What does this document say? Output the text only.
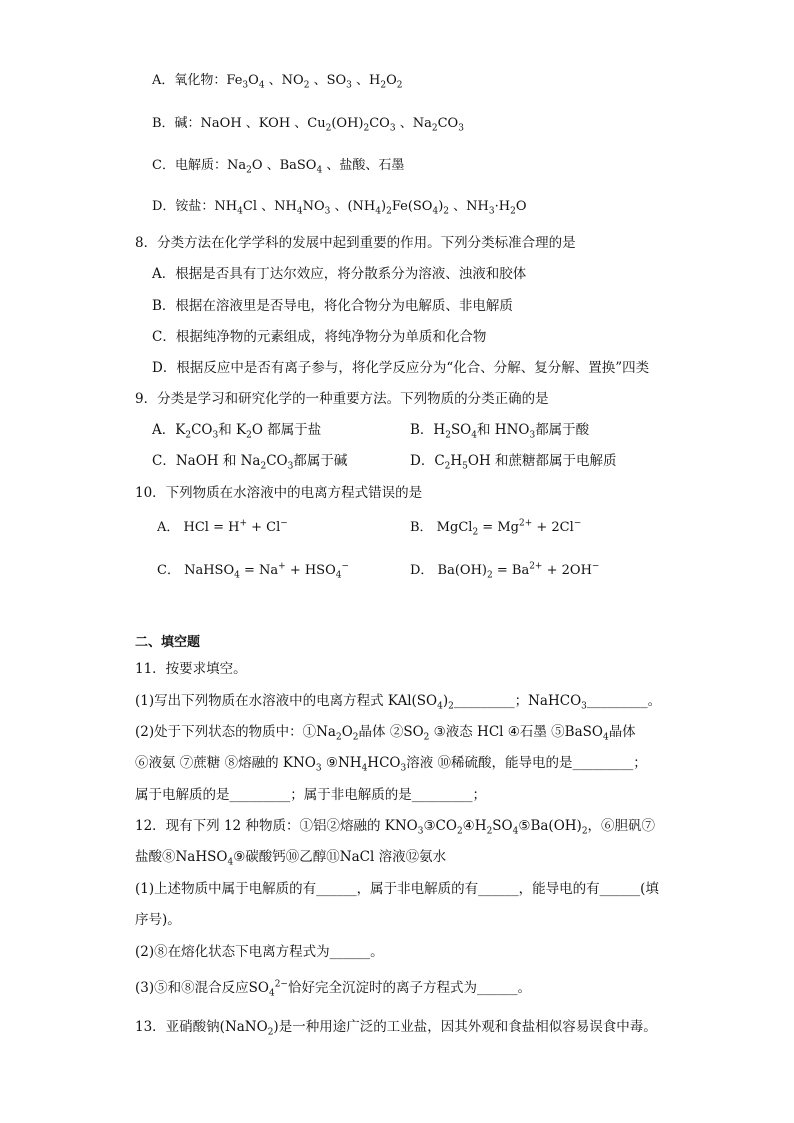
A．氧化物：$Fe_3O_4$ 、$NO_2$ 、$SO_3$ 、$H_2O_2$
B．碱：NaOH 、KOH 、$Cu_2(OH)_2CO_3$ 、$Na_2CO_3$
C．电解质：$Na_2O$ 、BaSO$_4$ 、盐酸、石墨
D．铵盐：$NH_4Cl$ 、$NH_4NO_3$ 、$(NH_4)_2Fe(SO_4)_2$ 、$NH_3\cdot H_2O$
8．分类方法在化学学科的发展中起到重要的作用。下列分类标准合理的是
A．根据是否具有丁达尔效应，将分散系分为溶液、浊液和胶体
B．根据在溶液里是否导电，将化合物分为电解质、非电解质
C．根据纯净物的元素组成，将纯净物分为单质和化合物
D．根据反应中是否有离子参与，将化学反应分为“化合、分解、复分解、置换”四类
9．分类是学习和研究化学的一种重要方法。下列物质的分类正确的是
A．$K_2CO_3$和 $K_2O$ 都属于盐	B．$H_2SO_4$和 $HNO_3$都属于酸
C．NaOH 和 $Na_2CO_3$都属于碱	D．$C_2H_5OH$ 和蔗糖都属于电解质
10．下列物质在水溶液中的电离方程式错误的是
A． HCl = H+ + Cl−	B． MgCl$_2$ = $Mg^{2+} + 2Cl^-$
C． NaHSO$_4$ = $Na^+ + HSO_4^-$	D． $Ba(OH)_2 = Ba^{2+} + 2OH^-$
二、填空题
11．按要求填空。
(1)写出下列物质在水溶液中的电离方程式 $KAl(SO_4)_2\_\_\_\_\_\_\_\_\_$；NaHCO$_3$_________。
(2)处于下列状态的物质中：$①Na_2O_2$晶体 $②SO_2$ ③液态 HCl ④石墨 ⑤BaSO$_4$晶体
⑥液氨 ⑦蔗糖 ⑧熔融的 $KNO_3$ $⑨NH_4HCO_3$溶液 ⑩稀硫酸，能导电的是_________；
属于电解质的是_________；属于非电解质的是_________；
12．现有下列 12 种物质：①铝②熔融的 $KNO_3③CO_2④H_2SO_4⑤Ba(OH)_2$，⑥胆矾⑦
盐酸⑧NaHSO$_4$⑨碳酸钙⑩乙醇⑪NaCl 溶液⑫氨水
(1)上述物质中属于电解质的有______，属于非电解质的有______，能导电的有______(填
序号)。
(2)⑧在熔化状态下电离方程式为______。
(3)⑤和⑧混合反应$SO_4^{2-}$恰好完全沉淀时的离子方程式为______。
13．亚硝酸钠(NaNO$_2$)是一种用途广泛的工业盐，因其外观和食盐相似容易误食中毒。
